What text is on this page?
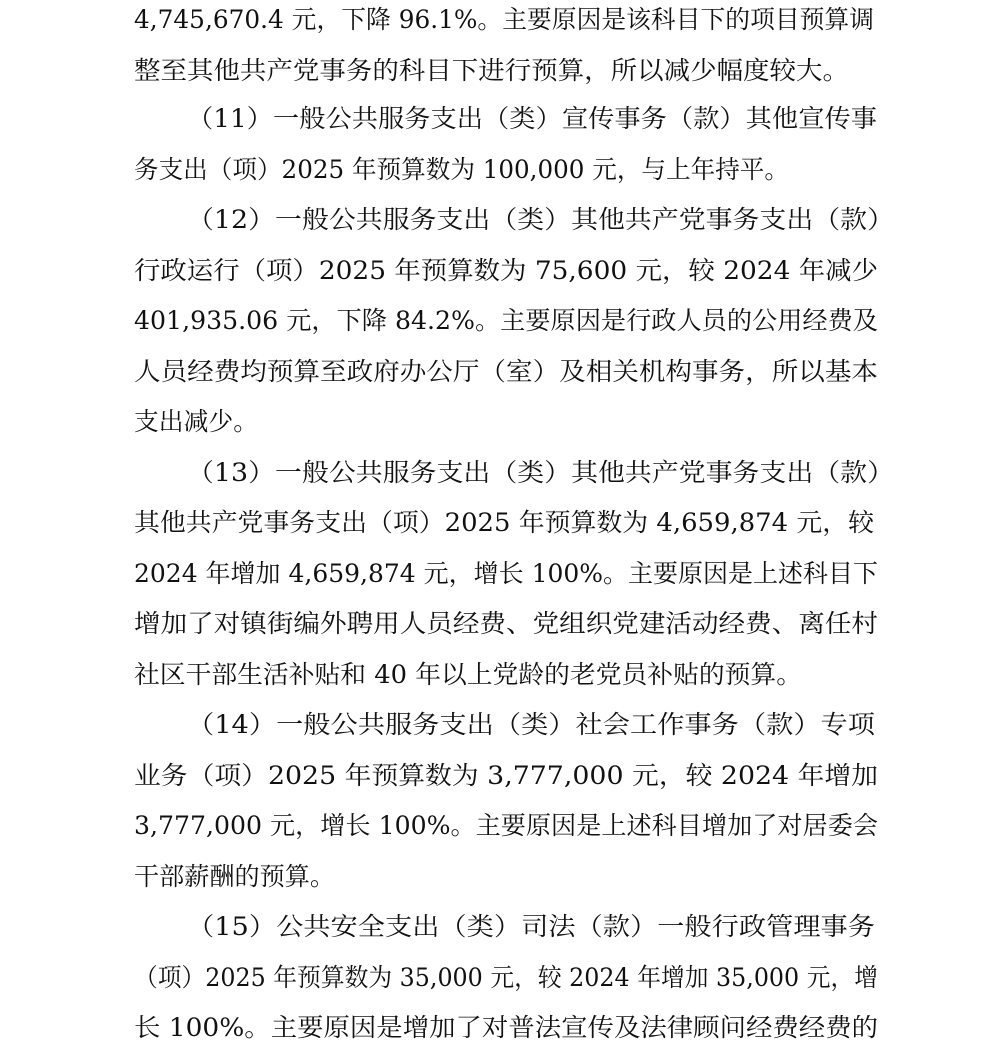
4,745,670.4 元，下降 96.1%。主要原因是该科目下的项目预算调
整至其他共产党事务的科目下进行预算，所以减少幅度较大。
（11）一般公共服务支出（类）宣传事务（款）其他宣传事
务支出（项）2025 年预算数为 100,000 元，与上年持平。
（12）一般公共服务支出（类）其他共产党事务支出（款）
行政运行（项）2025 年预算数为 75,600 元，较 2024 年减少
401,935.06 元，下降 84.2%。主要原因是行政人员的公用经费及
人员经费均预算至政府办公厅（室）及相关机构事务，所以基本
支出减少。
（13）一般公共服务支出（类）其他共产党事务支出（款）
其他共产党事务支出（项）2025 年预算数为 4,659,874 元，较
2024 年增加 4,659,874 元，增长 100%。主要原因是上述科目下
增加了对镇街编外聘用人员经费、党组织党建活动经费、离任村
社区干部生活补贴和 40 年以上党龄的老党员补贴的预算。
（14）一般公共服务支出（类）社会工作事务（款）专项
业务（项）2025 年预算数为 3,777,000 元，较 2024 年增加
3,777,000 元，增长 100%。主要原因是上述科目增加了对居委会
干部薪酬的预算。
（15）公共安全支出（类）司法（款）一般行政管理事务
（项）2025 年预算数为 35,000 元，较 2024 年增加 35,000 元，增
长 100%。主要原因是增加了对普法宣传及法律顾问经费经费的
